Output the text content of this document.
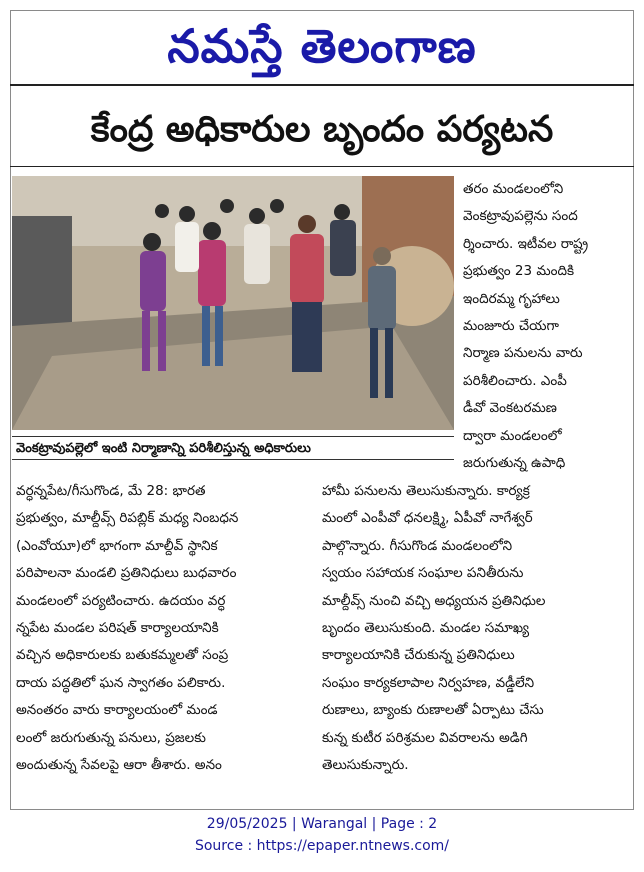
నమస్తే తెలంగాణ
కేంద్ర అధికారుల బృందం పర్యటన
వెంకట్రావుపల్లెలో ఇంటి నిర్మాణాన్ని పరిశీలిస్తున్న అధికారులు
తరం మండలంలోని
వెంకట్రావుపల్లెను సంద
ర్శించారు. ఇటీవల రాష్ట్ర
ప్రభుత్వం 23 మందికి
ఇందిరమ్మ గృహాలు
మంజూరు చేయగా
నిర్మాణ పనులను వారు
పరిశీలించారు. ఎంపీ
డీవో వెంకటరమణ
ద్వారా మండలంలో
జరుగుతున్న ఉపాధి
వర్ధన్నపేట/గీసుగొండ, మే 28: భారత
ప్రభుత్వం, మాల్దీవ్స్ రిపబ్లిక్ మధ్య నింబధన
(ఎంవోయూ)లో భాగంగా మాల్దీవ్ స్థానిక
పరిపాలనా మండలి ప్రతినిధులు బుధవారం
మండలంలో పర్యటించారు. ఉదయం వర్ధ
న్నపేట మండల పరిషత్ కార్యాలయానికి
వచ్చిన అధికారులకు బతుకమ్మలతో సంప్ర
దాయ పద్ధతిలో ఘన స్వాగతం పలికారు.
అనంతరం వారు కార్యాలయంలో మండ
లంలో జరుగుతున్న పనులు, ప్రజలకు
అందుతున్న సేవలపై ఆరా తీశారు. అనం
హామీ పనులను తెలుసుకున్నారు. కార్యక్ర
మంలో ఎంపీవో ధనలక్ష్మి, ఏపీవో నాగేశ్వర్
పాల్గొన్నారు. గీసుగొండ మండలంలోని
స్వయం సహాయక సంఘాల పనితీరును
మాల్దీవ్స్ నుంచి వచ్చి అధ్యయన ప్రతినిధుల
బృందం తెలుసుకుంది. మండల సమాఖ్య
కార్యాలయానికి చేరుకున్న ప్రతినిధులు
సంఘం కార్యకలాపాల నిర్వహణ, వడ్డీలేని
రుణాలు, బ్యాంకు రుణాలతో ఏర్పాటు చేసు
కున్న కుటీర పరిశ్రమల వివరాలను అడిగి
తెలుసుకున్నారు.
29/05/2025 | Warangal | Page : 2
Source : https://epaper.ntnews.com/
